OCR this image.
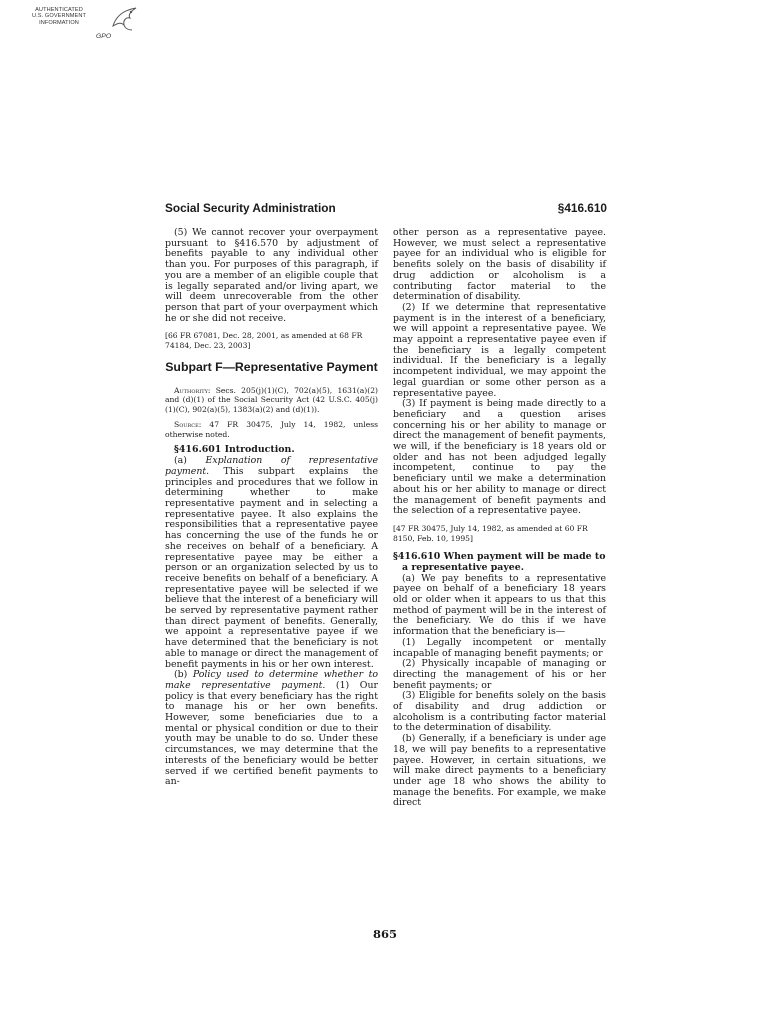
AUTHENTICATED
U.S. GOVERNMENT
INFORMATION
GPO
Social Security Administration	§416.610

(5) We cannot recover your overpayment pursuant to §416.570 by adjustment of benefits payable to any individual other than you. For purposes of this paragraph, if you are a member of an eligible couple that is legally separated and/or living apart, we will deem unrecoverable from the other person that part of your overpayment which he or she did not receive.

[66 FR 67081, Dec. 28, 2001, as amended at 68 FR 74184, Dec. 23, 2003]

Subpart F—Representative Payment

Authority: Secs. 205(j)(1)(C), 702(a)(5), 1631(a)(2) and (d)(1) of the Social Security Act (42 U.S.C. 405(j)(1)(C), 902(a)(5), 1383(a)(2) and (d)(1)).

Source: 47 FR 30475, July 14, 1982, unless otherwise noted.

§416.601 Introduction.

(a) Explanation of representative payment. This subpart explains the principles and procedures that we follow in determining whether to make representative payment and in selecting a representative payee. It also explains the responsibilities that a representative payee has concerning the use of the funds he or she receives on behalf of a beneficiary. A representative payee may be either a person or an organization selected by us to receive benefits on behalf of a beneficiary. A representative payee will be selected if we believe that the interest of a beneficiary will be served by representative payment rather than direct payment of benefits. Generally, we appoint a representative payee if we have determined that the beneficiary is not able to manage or direct the management of benefit payments in his or her own interest.

(b) Policy used to determine whether to make representative payment. (1) Our policy is that every beneficiary has the right to manage his or her own benefits. However, some beneficiaries due to a mental or physical condition or due to their youth may be unable to do so. Under these circumstances, we may determine that the interests of the beneficiary would be better served if we certified benefit payments to an-

other person as a representative payee. However, we must select a representative payee for an individual who is eligible for benefits solely on the basis of disability if drug addiction or alcoholism is a contributing factor material to the determination of disability.

(2) If we determine that representative payment is in the interest of a beneficiary, we will appoint a representative payee. We may appoint a representative payee even if the beneficiary is a legally competent individual. If the beneficiary is a legally incompetent individual, we may appoint the legal guardian or some other person as a representative payee.

(3) If payment is being made directly to a beneficiary and a question arises concerning his or her ability to manage or direct the management of benefit payments, we will, if the beneficiary is 18 years old or older and has not been adjudged legally incompetent, continue to pay the beneficiary until we make a determination about his or her ability to manage or direct the management of benefit payments and the selection of a representative payee.

[47 FR 30475, July 14, 1982, as amended at 60 FR 8150, Feb. 10, 1995]

§416.610 When payment will be made to a representative payee.

(a) We pay benefits to a representative payee on behalf of a beneficiary 18 years old or older when it appears to us that this method of payment will be in the interest of the beneficiary. We do this if we have information that the beneficiary is—

(1) Legally incompetent or mentally incapable of managing benefit payments; or

(2) Physically incapable of managing or directing the management of his or her benefit payments; or

(3) Eligible for benefits solely on the basis of disability and drug addiction or alcoholism is a contributing factor material to the determination of disability.

(b) Generally, if a beneficiary is under age 18, we will pay benefits to a representative payee. However, in certain situations, we will make direct payments to a beneficiary under age 18 who shows the ability to manage the benefits. For example, we make direct

865
